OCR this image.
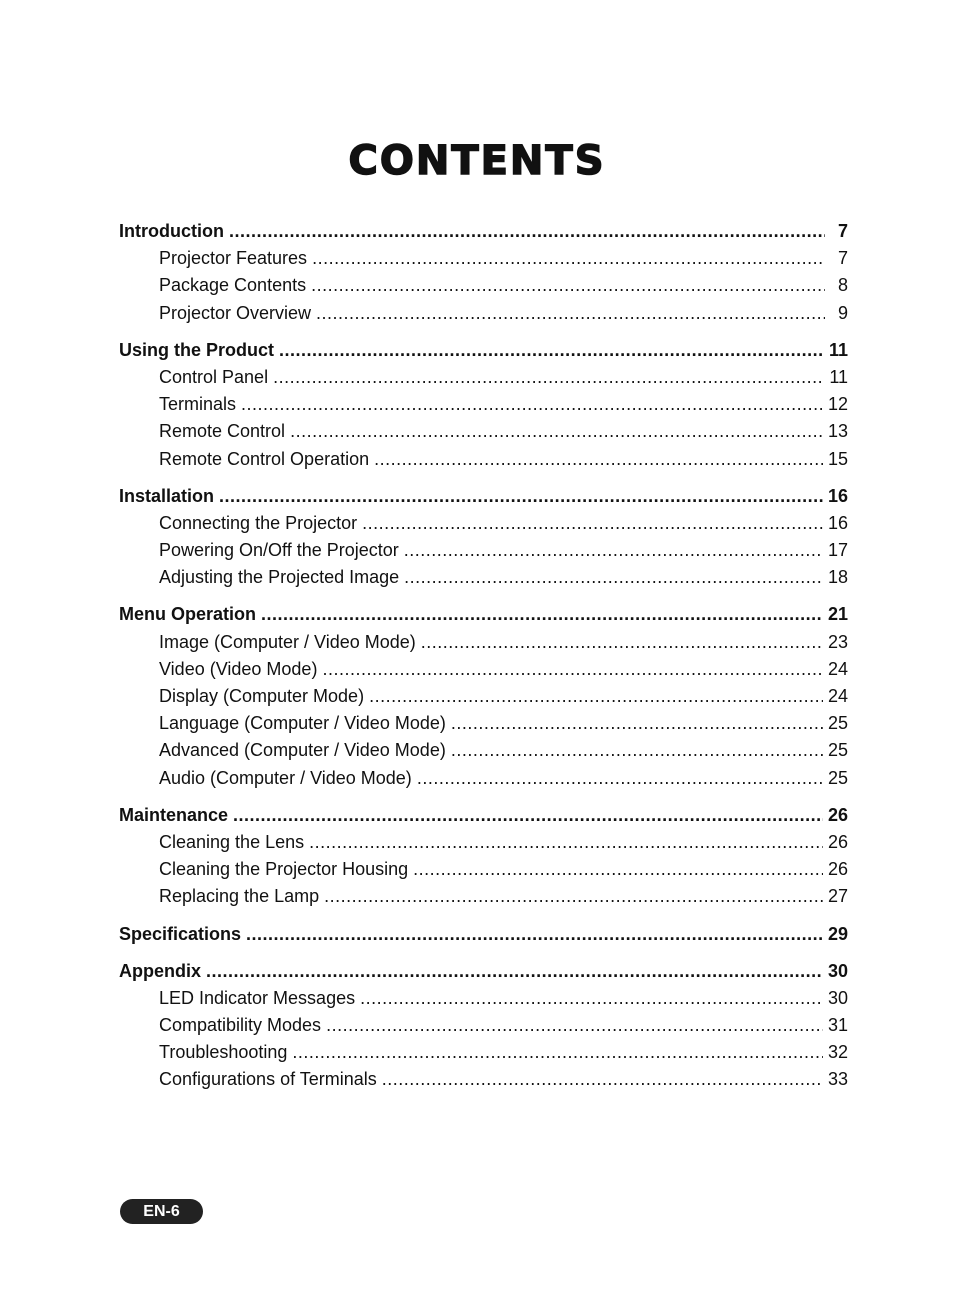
CONTENTS
Introduction .....	7
Projector Features .....	7
Package Contents .....	8
Projector Overview .....	9
Using the Product .....	11
Control Panel .....	11
Terminals .....	12
Remote Control .....	13
Remote Control Operation .....	15
Installation .....	16
Connecting the Projector .....	16
Powering On/Off the Projector .....	17
Adjusting the Projected Image .....	18
Menu Operation .....	21
Image (Computer / Video Mode) .....	23
Video (Video Mode) .....	24
Display (Computer Mode) .....	24
Language (Computer / Video Mode) .....	25
Advanced (Computer / Video Mode) .....	25
Audio (Computer / Video Mode) .....	25
Maintenance .....	26
Cleaning the Lens .....	26
Cleaning the Projector Housing .....	26
Replacing the Lamp .....	27
Specifications .....	29
Appendix .....	30
LED Indicator Messages .....	30
Compatibility Modes .....	31
Troubleshooting .....	32
Configurations of Terminals .....	33
EN-6
